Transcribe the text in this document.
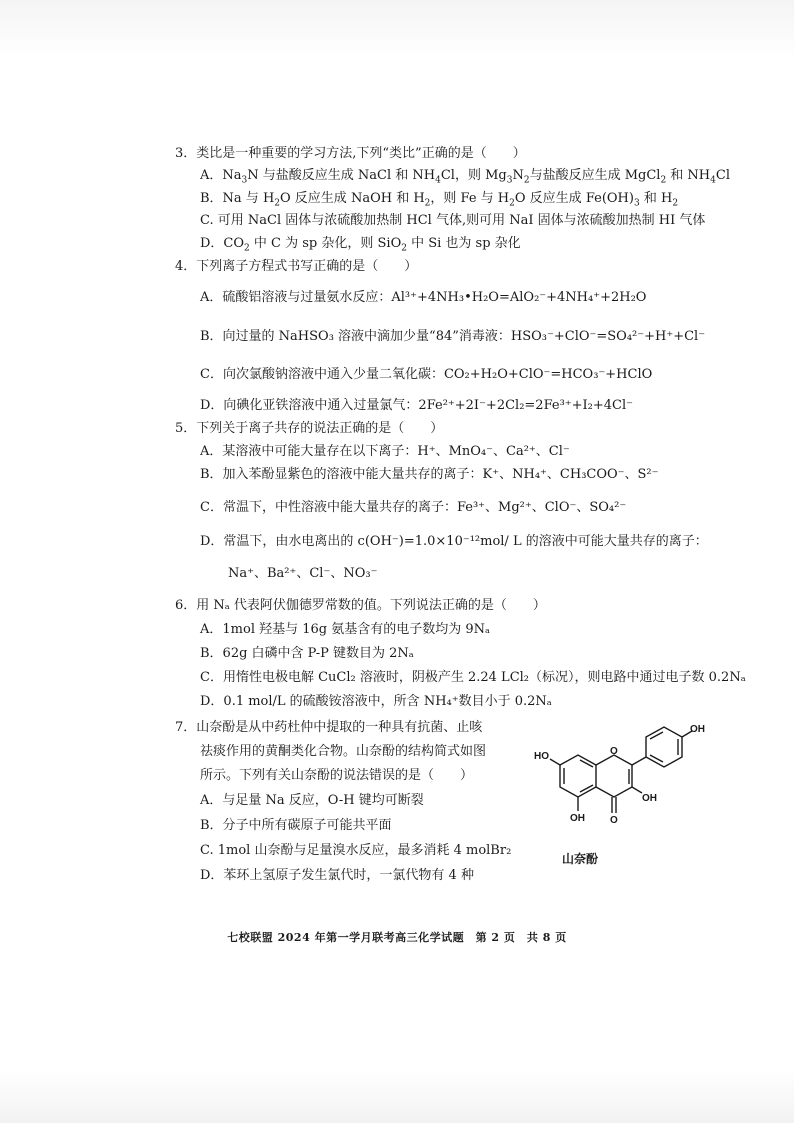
3．类比是一种重要的学习方法,下列“类比”正确的是（　　）
A．$Na_3N$ 与盐酸反应生成 NaCl 和 $NH_4Cl$，则 $Mg_3N_2$与盐酸反应生成 MgCl$_2$ 和 $NH_4Cl$
B．Na 与 $H_2O$ 反应生成 NaOH 和 $H_2$，则 Fe 与 $H_2O$ 反应生成 $Fe(OH)_3$ 和 $H_2$
C. 可用 NaCl 固体与浓硫酸加热制 HCl 气体,则可用 NaI 固体与浓硫酸加热制 HI 气体
D．$CO_2$ 中 C 为 sp 杂化，则 SiO$_2$ 中 Si 也为 sp 杂化
4．下列离子方程式书写正确的是（　　）
A．硫酸铝溶液与过量氨水反应：Al³⁺+4NH₃•H₂O=AlO₂⁻+4NH₄⁺+2H₂O
B．向过量的 NaHSO₃ 溶液中滴加少量“84”消毒液：HSO₃⁻+ClO⁻=SO₄²⁻+H⁺+Cl⁻
C．向次氯酸钠溶液中通入少量二氧化碳：CO₂+H₂O+ClO⁻=HCO₃⁻+HClO
D．向碘化亚铁溶液中通入过量氯气：2Fe²⁺+2I⁻+2Cl₂=2Fe³⁺+I₂+4Cl⁻
5．下列关于离子共存的说法正确的是（　　）
A．某溶液中可能大量存在以下离子：H⁺、MnO₄⁻、Ca²⁺、Cl⁻
B．加入苯酚显紫色的溶液中能大量共存的离子：K⁺、NH₄⁺、CH₃COO⁻、S²⁻
C．常温下，中性溶液中能大量共存的离子：Fe³⁺、Mg²⁺、ClO⁻、SO₄²⁻
D．常温下，由水电离出的 c(OH⁻)=1.0×10⁻¹²mol/ L 的溶液中可能大量共存的离子：
Na⁺、Ba²⁺、Cl⁻、NO₃⁻
6．用 Nₐ 代表阿伏伽德罗常数的值。下列说法正确的是（　　）
A．1mol 羟基与 16g 氨基含有的电子数均为 9Nₐ
B．62g 白磷中含 P-P 键数目为 2Nₐ
C．用惰性电极电解 CuCl₂ 溶液时，阴极产生 2.24 LCl₂（标况），则电路中通过电子数 0.2Nₐ
D．0.1 mol/L 的硫酸铵溶液中，所含 NH₄⁺数目小于 0.2Nₐ
7．山奈酚是从中药杜仲中提取的一种具有抗菌、止咳
祛痰作用的黄酮类化合物。山奈酚的结构简式如图
所示。下列有关山奈酚的说法错误的是（　　）
A．与足量 Na 反应，O-H 键均可断裂
B．分子中所有碳原子可能共平面
C. 1mol 山奈酚与足量溴水反应，最多消耗 4 molBr₂
D．苯环上氢原子发生氯代时，一氯代物有 4 种
O
OH
HO
OH
OH	O
山奈酚
七校联盟 2024 年第一学月联考高三化学试题　第 2 页　共 8 页
